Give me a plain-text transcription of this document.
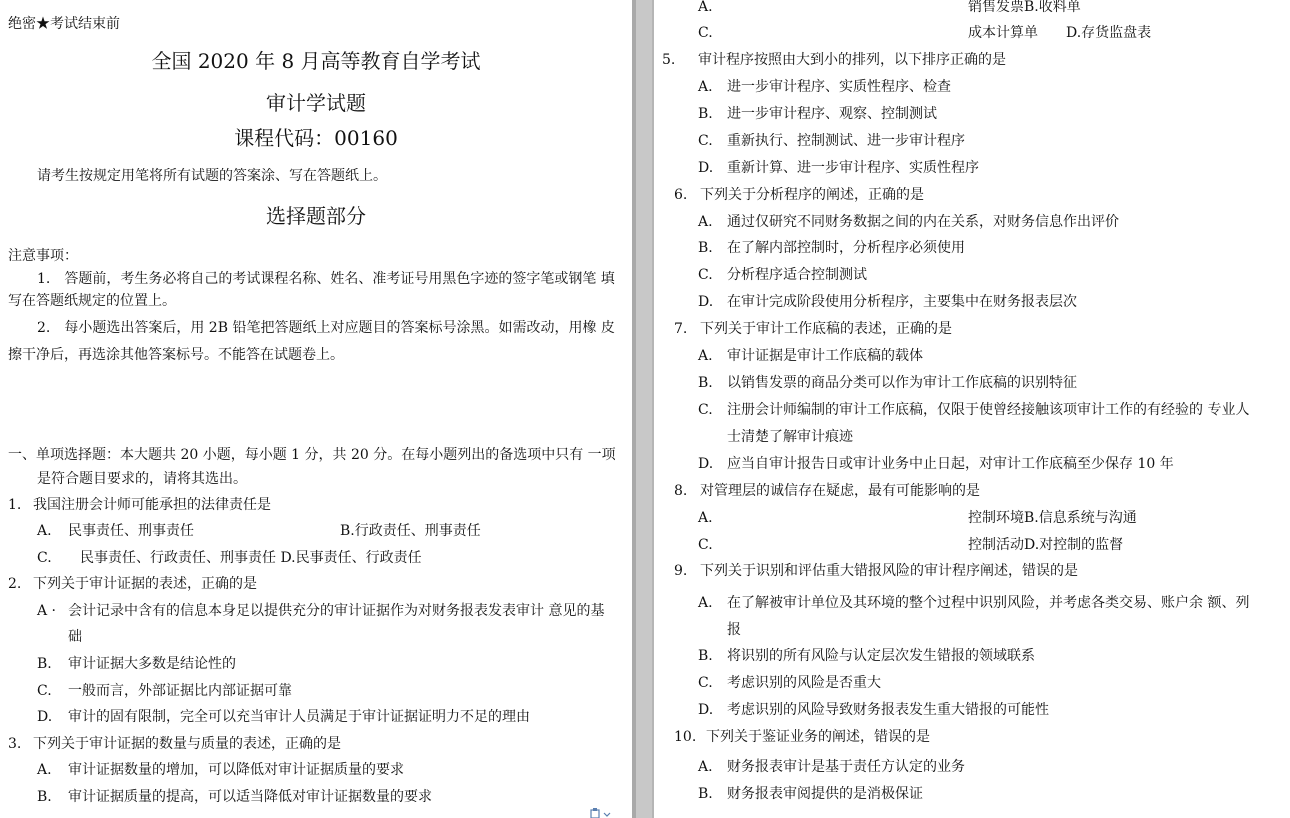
绝密★考试结束前
全国 2020 年 8 月高等教育自学考试
审计学试题
课程代码：00160
请考生按规定用笔将所有试题的答案涂、写在答题纸上。
选择题部分
注意事项：
1.　答题前，考生务必将自己的考试课程名称、姓名、准考证号用黑色字迹的签字笔或钢笔 填
写在答题纸规定的位置上。
2.　每小题选出答案后，用 2B 铅笔把答题纸上对应题目的答案标号涂黑。如需改动，用橡 皮
擦干净后，再选涂其他答案标号。不能答在试题卷上。
一、单项选择题：本大题共 20 小题，每小题 1 分，共 20 分。在每小题列出的备选项中只有 一项
是符合题目要求的，请将其选出。
1. 我国注册会计师可能承担的法律责任是
A. 民事责任、刑事责任	B.行政责任、刑事责任
C. 民事责任、行政责任、刑事责任 D.民事责任、行政责任
2. 下列关于审计证据的表述，正确的是
A · 会计记录中含有的信息本身足以提供充分的审计证据作为对财务报表发表审计 意见的基
础
B. 审计证据大多数是结论性的
C. 一般而言，外部证据比内部证据可靠
D. 审计的固有限制，完全可以充当审计人员满足于审计证据证明力不足的理由
3. 下列关于审计证据的数量与质量的表述，正确的是
A. 审计证据数量的增加，可以降低对审计证据质量的要求
B. 审计证据质量的提高，可以适当降低对审计证据数量的要求
A.	销售发票B.收料单
C.	成本计算单　　D.存货监盘表
5. 审计程序按照由大到小的排列，以下排序正确的是
A. 进一步审计程序、实质性程序、检查
B. 进一步审计程序、观察、控制测试
C. 重新执行、控制测试、进一步审计程序
D. 重新计算、进一步审计程序、实质性程序
6. 下列关于分析程序的阐述，正确的是
A. 通过仅研究不同财务数据之间的内在关系，对财务信息作出评价
B. 在了解内部控制时，分析程序必须使用
C. 分析程序适合控制测试
D. 在审计完成阶段使用分析程序，主要集中在财务报表层次
7. 下列关于审计工作底稿的表述，正确的是
A. 审计证据是审计工作底稿的载体
B. 以销售发票的商品分类可以作为审计工作底稿的识别特征
C. 注册会计师编制的审计工作底稿，仅限于使曾经接触该项审计工作的有经验的 专业人
士清楚了解审计痕迹
D. 应当自审计报告日或审计业务中止日起，对审计工作底稿至少保存 10 年
8. 对管理层的诚信存在疑虑，最有可能影响的是
A.	控制环境B.信息系统与沟通
C.	控制活动D.对控制的监督
9. 下列关于识别和评估重大错报风险的审计程序阐述，错误的是
A. 在了解被审计单位及其环境的整个过程中识别风险，并考虑各类交易、账户余 额、列
报
B. 将识别的所有风险与认定层次发生错报的领域联系
C. 考虑识别的风险是否重大
D. 考虑识别的风险导致财务报表发生重大错报的可能性
10. 下列关于鉴证业务的阐述，错误的是
A. 财务报表审计是基于责任方认定的业务
B. 财务报表审阅提供的是消极保证
